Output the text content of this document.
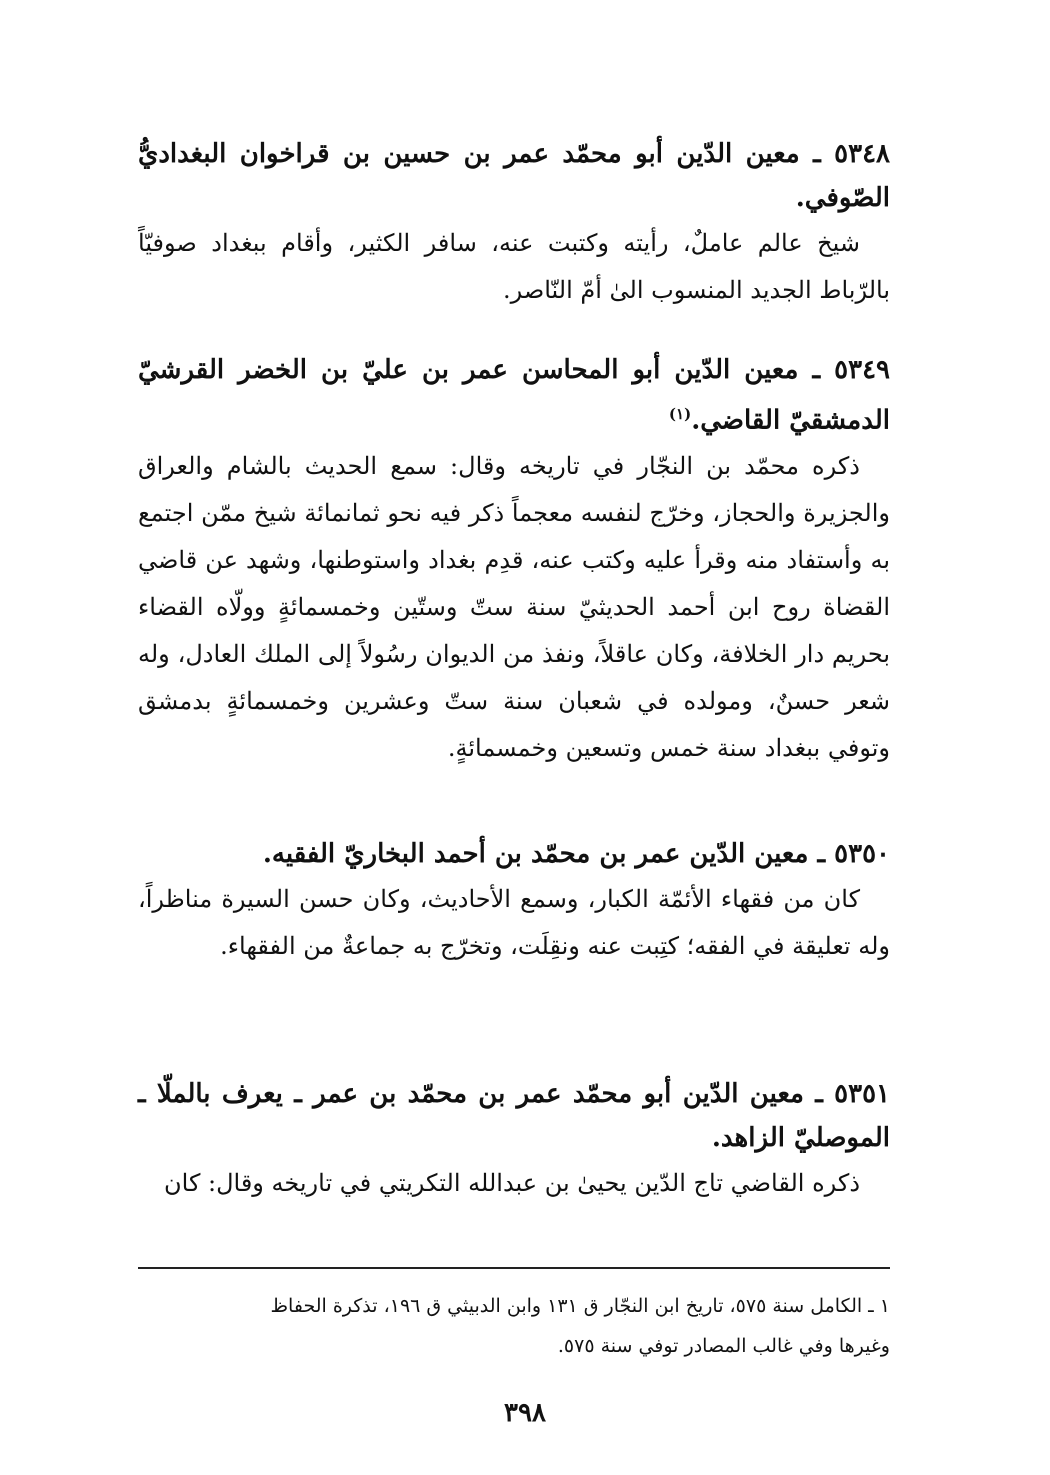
٥٣٤٨ ـ معين الدّين أبو محمّد عمر بن حسين بن قراخوان البغداديُّ الصّوفي.

شيخ عالم عاملٌ، رأيته وكتبت عنه، سافر الكثير، وأقام ببغداد صوفيّاً بالرّباط الجديد المنسوب الىٰ أمّ النّاصر.

٥٣٤٩ ـ معين الدّين أبو المحاسن عمر بن عليّ بن الخضر القرشيّ الدمشقيّ القاضي.$^{(١)}$

ذكره محمّد بن النجّار في تاريخه وقال: سمع الحديث بالشام والعراق والجزيرة والحجاز، وخرّج لنفسه معجماً ذكر فيه نحو ثمانمائة شيخ ممّن اجتمع به وأستفاد منه وقرأ عليه وكتب عنه، قدِم بغداد واستوطنها، وشهد عن قاضي القضاة روح ابن أحمد الحديثيّ سنة ستّ وستّين وخمسمائةٍ وولّاه القضاء بحريم دار الخلافة، وكان عاقلاً، ونفذ من الديوان رسُولاً إلى الملك العادل، وله شعر حسنٌ، ومولده في شعبان سنة ستّ وعشرين وخمسمائةٍ بدمشق وتوفي ببغداد سنة خمس وتسعين وخمسمائةٍ.

٥٣٥٠ ـ معين الدّين عمر بن محمّد بن أحمد البخاريّ الفقيه.

كان من فقهاء الأئمّة الكبار، وسمع الأحاديث، وكان حسن السيرة مناظراً، وله تعليقة في الفقه؛ كتِبت عنه ونقِلَت، وتخرّج به جماعةٌ من الفقهاء.

٥٣٥١ ـ معين الدّين أبو محمّد عمر بن محمّد بن عمر ـ يعرف بالملّا ـ الموصليّ الزاهد.

ذكره القاضي تاج الدّين يحيىٰ بن عبدالله التكريتي في تاريخه وقال: كان

١ ـ الكامل سنة ٥٧٥، تاريخ ابن النجّار ق ١٣١ وابن الدبيثي ق ١٩٦، تذكرة الحفاظ
وغيرها وفي غالب المصادر توفي سنة ٥٧٥.
٣٩٨
